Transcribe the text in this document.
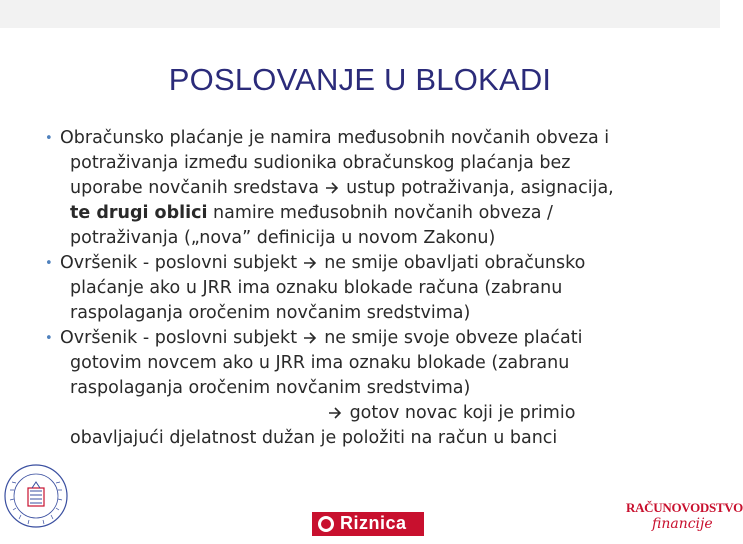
POSLOVANJE U BLOKADI
• Obračunsko plaćanje je namira međusobnih novčanih obveza i
potraživanja između sudionika obračunskog plaćanja bez
uporabe novčanih sredstava  ustup potraživanja, asignacija,
te drugi oblici namire međusobnih novčanih obveza /
potraživanja („nova” definicija u novom Zakonu)
• Ovršenik - poslovni subjekt  ne smije obavljati obračunsko
plaćanje ako u JRR ima oznaku blokade računa (zabranu
raspolaganja oročenim novčanim sredstvima)
• Ovršenik - poslovni subjekt  ne smije svoje obveze plaćati
gotovim novcem ako u JRR ima oznaku blokade (zabranu
raspolaganja oročenim novčanim sredstvima)
gotov novac koji je primio
obavljajući djelatnost dužan je položiti na račun u banci
Riznica
RAČUNOVODSTVO
financije
